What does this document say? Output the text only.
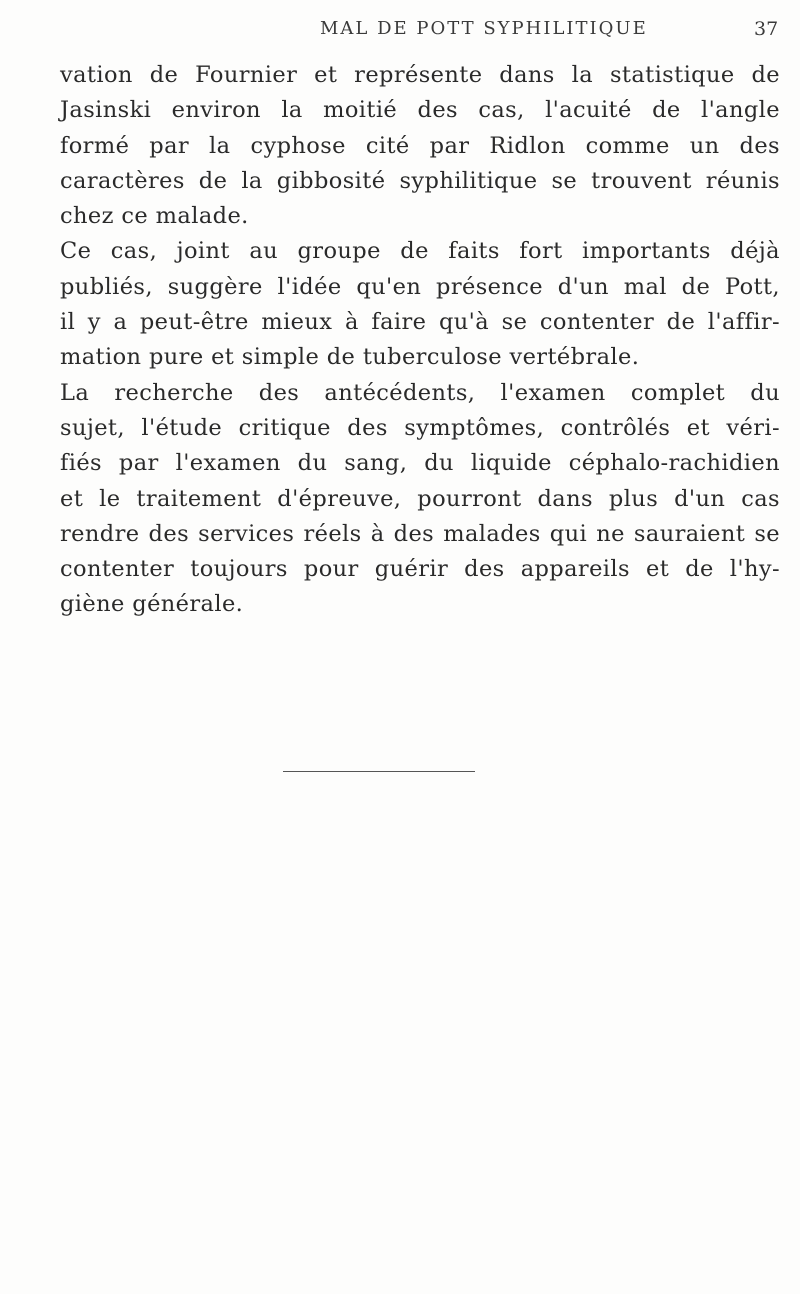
MAL DE POTT SYPHILITIQUE	37
vation de Fournier et représente dans la statistique de
Jasinski environ la moitié des cas, l'acuité de l'angle
formé par la cyphose cité par Ridlon comme un des
caractères de la gibbosité syphilitique se trouvent réunis
chez ce malade.
Ce cas, joint au groupe de faits fort importants déjà
publiés, suggère l'idée qu'en présence d'un mal de Pott,
il y a peut-être mieux à faire qu'à se contenter de l'affir-
mation pure et simple de tuberculose vertébrale.
La recherche des antécédents, l'examen complet du
sujet, l'étude critique des symptômes, contrôlés et véri-
fiés par l'examen du sang, du liquide céphalo-rachidien
et le traitement d'épreuve, pourront dans plus d'un cas
rendre des services réels à des malades qui ne sauraient se
contenter toujours pour guérir des appareils et de l'hy-
giène générale.
